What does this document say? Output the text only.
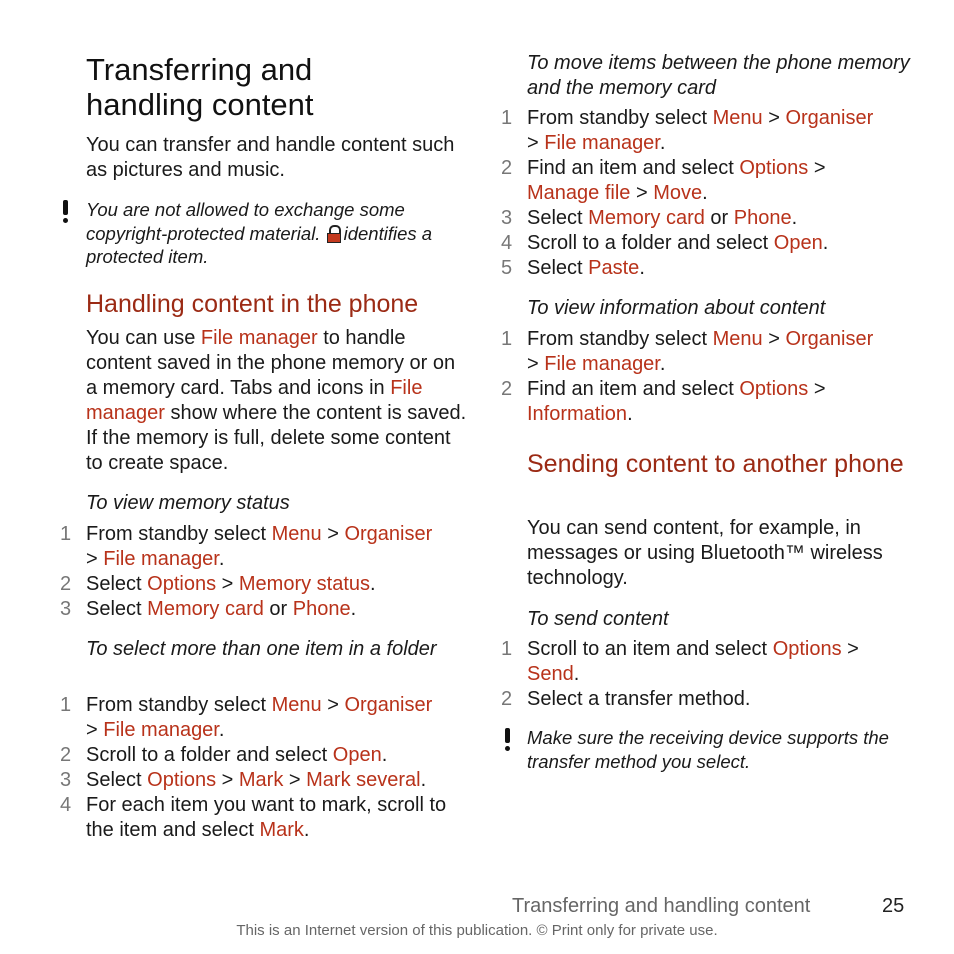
Transferring and
handling content
You can transfer and handle content such as pictures and music.
You are not allowed to exchange some copyright-protected material. identifies a protected item.
Handling content in the phone
You can use File manager to handle content saved in the phone memory or on a memory card. Tabs and icons in File manager show where the content is saved. If the memory is full, delete some content to create space.
To view memory status
1 From standby select Menu > Organiser
> File manager.
2 Select Options > Memory status.
3 Select Memory card or Phone.
To select more than one item in a folder
1 From standby select Menu > Organiser
> File manager.
2 Scroll to a folder and select Open.
3 Select Options > Mark > Mark several.
4 For each item you want to mark, scroll to the item and select Mark.
To move items between the phone memory and the memory card
1 From standby select Menu > Organiser
> File manager.
2 Find an item and select Options >
Manage file > Move.
3 Select Memory card or Phone.
4 Scroll to a folder and select Open.
5 Select Paste.
To view information about content
1 From standby select Menu > Organiser
> File manager.
2 Find an item and select Options >
Information.
Sending content to another phone
You can send content, for example, in messages or using Bluetooth™ wireless technology.
To send content
1 Scroll to an item and select Options >
Send.
2 Select a transfer method.
Make sure the receiving device supports the transfer method you select.
Transferring and handling content	25
This is an Internet version of this publication. © Print only for private use.
